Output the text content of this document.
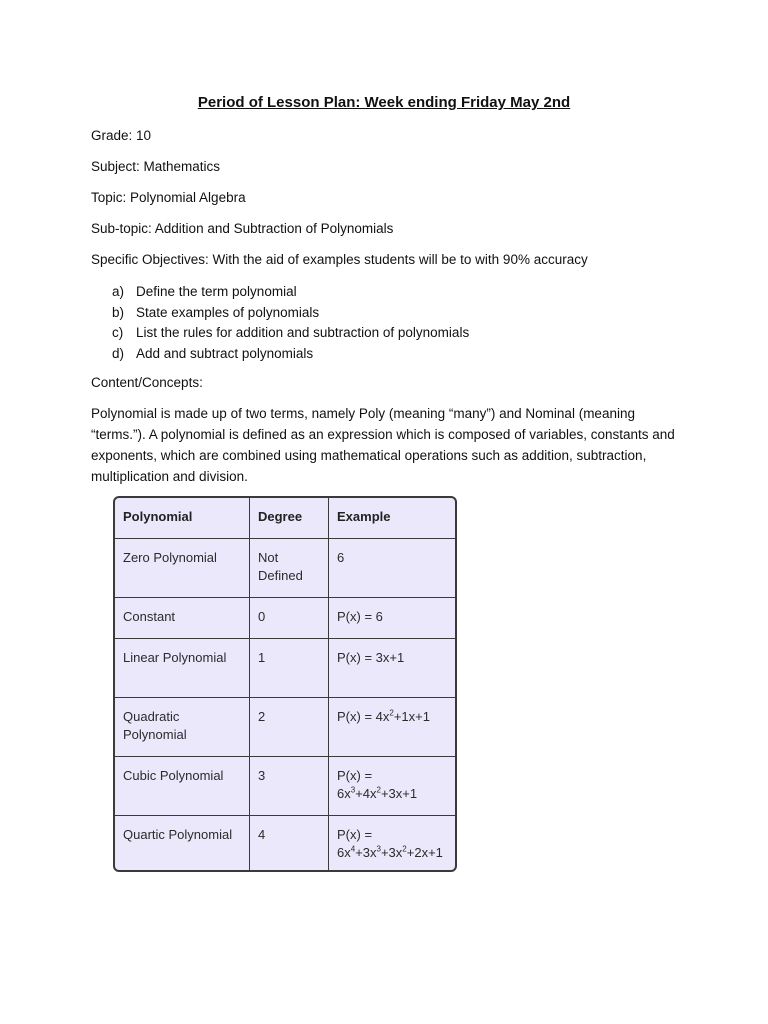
Period of Lesson Plan: Week ending Friday May 2nd
Grade: 10
Subject: Mathematics
Topic: Polynomial Algebra
Sub-topic: Addition and Subtraction of Polynomials
Specific Objectives: With the aid of examples students will be to with 90% accuracy
a) Define the term polynomial
b) State examples of polynomials
c) List the rules for addition and subtraction of polynomials
d) Add and subtract polynomials
Content/Concepts:
Polynomial is made up of two terms, namely Poly (meaning “many”) and Nominal (meaning “terms.”). A polynomial is defined as an expression which is composed of variables, constants and exponents, which are combined using mathematical operations such as addition, subtraction, multiplication and division.
Polynomial	Degree	Example
Zero Polynomial	Not Defined	6
Constant	0	P(x) = 6
Linear Polynomial	1	P(x) = 3x+1
Quadratic Polynomial	2	$P(x) = 4x^2+1x+1$
Cubic Polynomial	3	$P(x) = 6x^3+4x^2+3x+1$
Quartic Polynomial	4	$P(x) = 6x^4+3x^3+3x^2+2x+1$
